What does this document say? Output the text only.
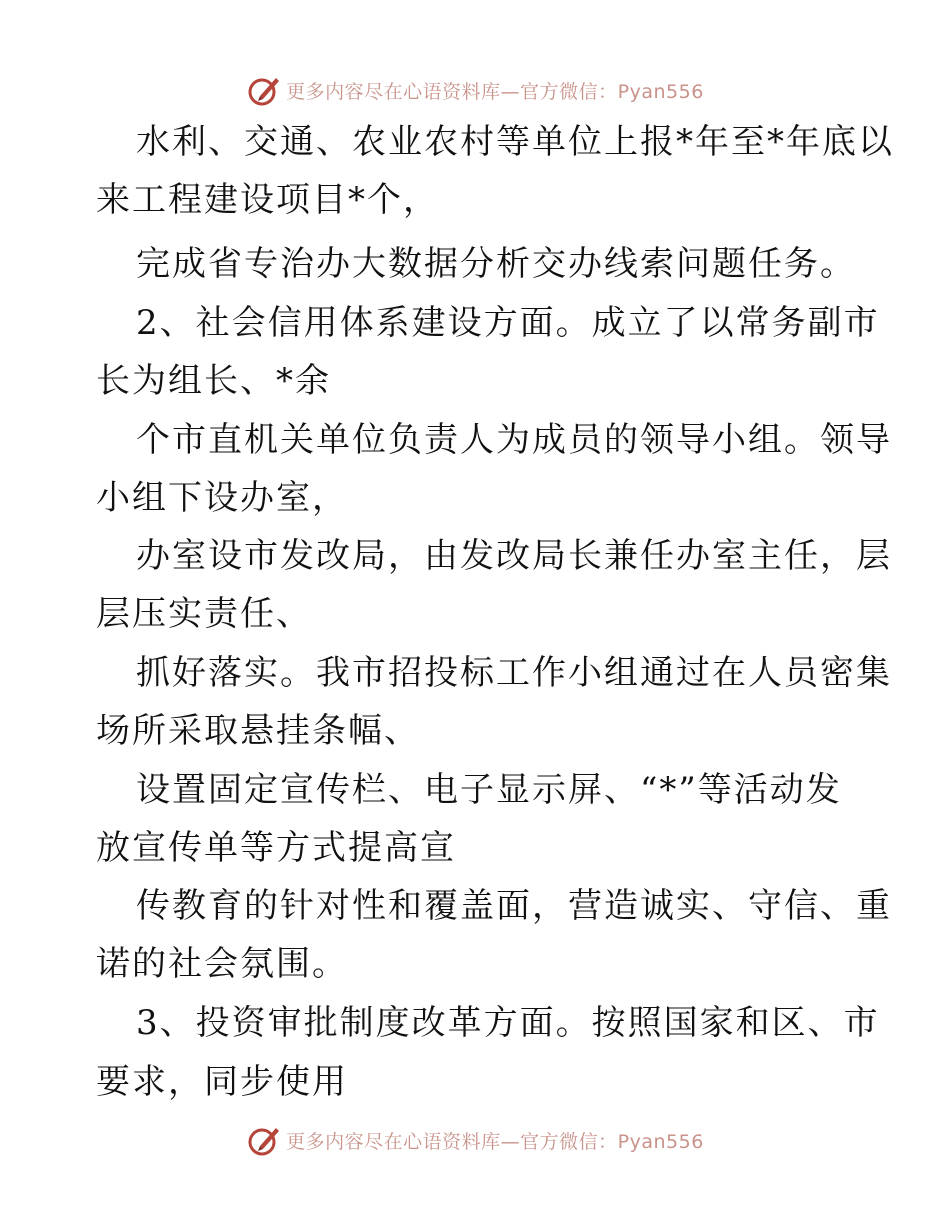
更多内容尽在心语资料库—官方微信：Pyan556
水利、交通、农业农村等单位上报*年至*年底以
来工程建设项目*个，
完成省专治办大数据分析交办线索问题任务。
2、社会信用体系建设方面。成立了以常务副市
长为组长、*余
个市直机关单位负责人为成员的领导小组。领导
小组下设办室，
办室设市发改局，由发改局长兼任办室主任，层
层压实责任、
抓好落实。我市招投标工作小组通过在人员密集
场所采取悬挂条幅、
设置固定宣传栏、电子显示屏、“*”等活动发
放宣传单等方式提高宣
传教育的针对性和覆盖面，营造诚实、守信、重
诺的社会氛围。
3、投资审批制度改革方面。按照国家和区、市
要求，同步使用
更多内容尽在心语资料库—官方微信：Pyan556
